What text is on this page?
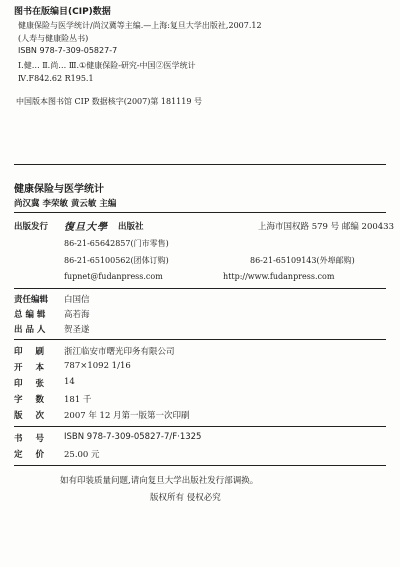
图书在版编目(CIP)数据
健康保险与医学统计/尚汉冀等主编.—上海:复旦大学出版社,2007.12
(人寿与健康险丛书)
ISBN 978-7-309-05827-7
Ⅰ.健… Ⅱ.尚… Ⅲ.①健康保险-研究-中国②医学统计
Ⅳ.F842.62 R195.1
中国版本图书馆 CIP 数据核字(2007)第 181119 号
健康保险与医学统计
尚汉冀 李荣敏 黄云敏 主编
出版发行 復旦大學 出版社	上海市国权路 579 号 邮编 200433
86-21-65642857(门市零售)
86-21-65100562(团体订购)	86-21-65109143(外埠邮购)
fupnet@fudanpress.com	http://www.fudanpress.com
责任编辑 白国信
总 编 辑 高若海
出 品 人 贺圣遂
印刷 浙江临安市曙光印务有限公司
开本 787×1092 1/16
印张 14
字数 181 千
版次 2007 年 12 月第一版第一次印刷
书号 ISBN 978-7-309-05827-7/F·1325
定价 25.00 元
如有印装质量问题,请向复旦大学出版社发行部调换。
版权所有 侵权必究
